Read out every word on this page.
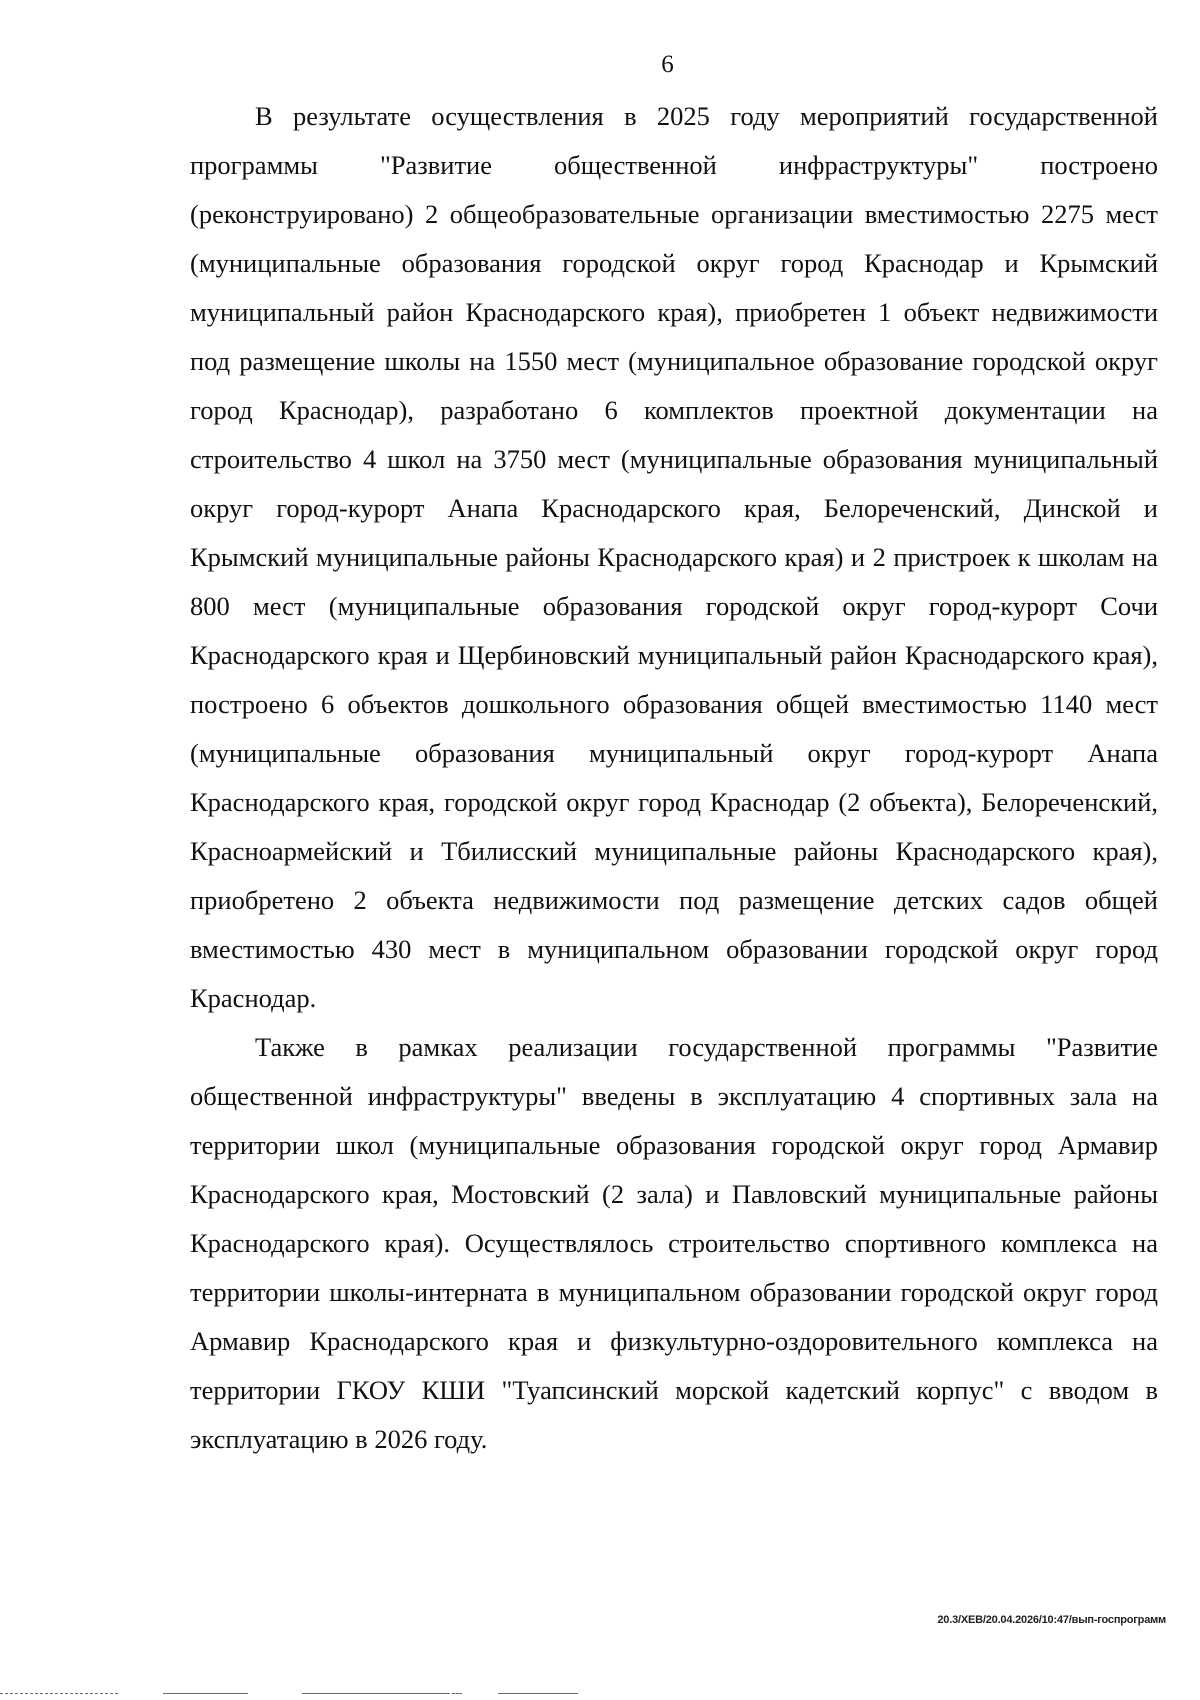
6

В результате осуществления в 2025 году мероприятий государственной программы "Развитие общественной инфраструктуры" построено (реконструировано) 2 общеобразовательные организации вместимостью 2275 мест (муниципальные образования городской округ город Краснодар и Крымский муниципальный район Краснодарского края), приобретен 1 объект недвижимости под размещение школы на 1550 мест (муниципальное образование городской округ город Краснодар), разработано 6 комплектов проектной документации на строительство 4 школ на 3750 мест (муниципальные образования муниципальный округ город-курорт Анапа Краснодарского края, Белореченский, Динской и Крымский муниципальные районы Краснодарского края) и 2 пристроек к школам на 800 мест (муниципальные образования городской округ город-курорт Сочи Краснодарского края и Щербиновский муниципальный район Краснодарского края), построено 6 объектов дошкольного образования общей вместимостью 1140 мест (муниципальные образования муниципальный округ город-курорт Анапа Краснодарского края, городской округ город Краснодар (2 объекта), Белореченский, Красноармейский и Тбилисский муниципальные районы Краснодарского края), приобретено 2 объекта недвижимости под размещение детских садов общей вместимостью 430 мест в муниципальном образовании городской округ город Краснодар.

Также в рамках реализации государственной программы "Развитие общественной инфраструктуры" введены в эксплуатацию 4 спортивных зала на территории школ (муниципальные образования городской округ город Армавир Краснодарского края, Мостовский (2 зала) и Павловский муниципальные районы Краснодарского края). Осуществлялось строительство спортивного комплекса на территории школы-интерната в муниципальном образовании городской округ город Армавир Краснодарского края и физкультурно-оздоровительного комплекса на территории ГКОУ КШИ "Туапсинский морской кадетский корпус" с вводом в эксплуатацию в 2026 году.

20.3/ХЕВ/20.04.2026/10:47/вып-госпрограмм
